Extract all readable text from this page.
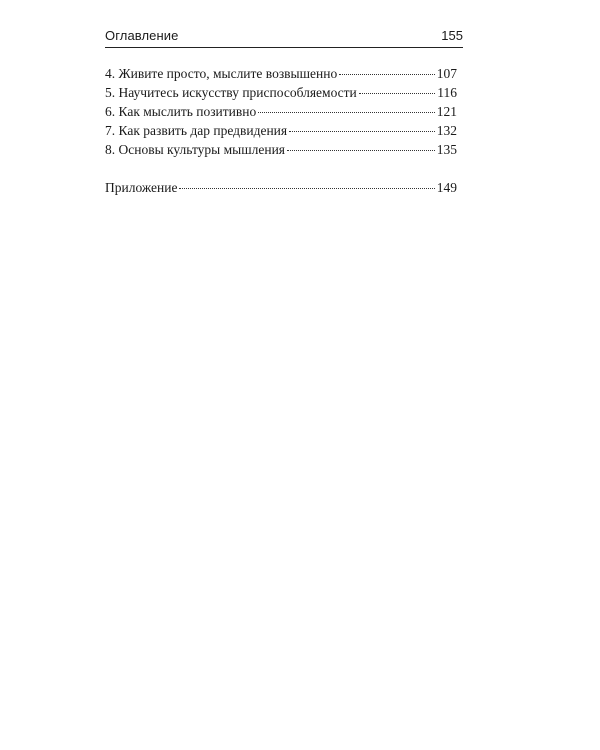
Оглавление	155
4. Живите просто, мыслите возвышенно	107
5. Научитесь искусству приспособляемости	116
6. Как мыслить позитивно	121
7. Как развить дар предвидения	132
8. Основы культуры мышления	135
Приложение	149
